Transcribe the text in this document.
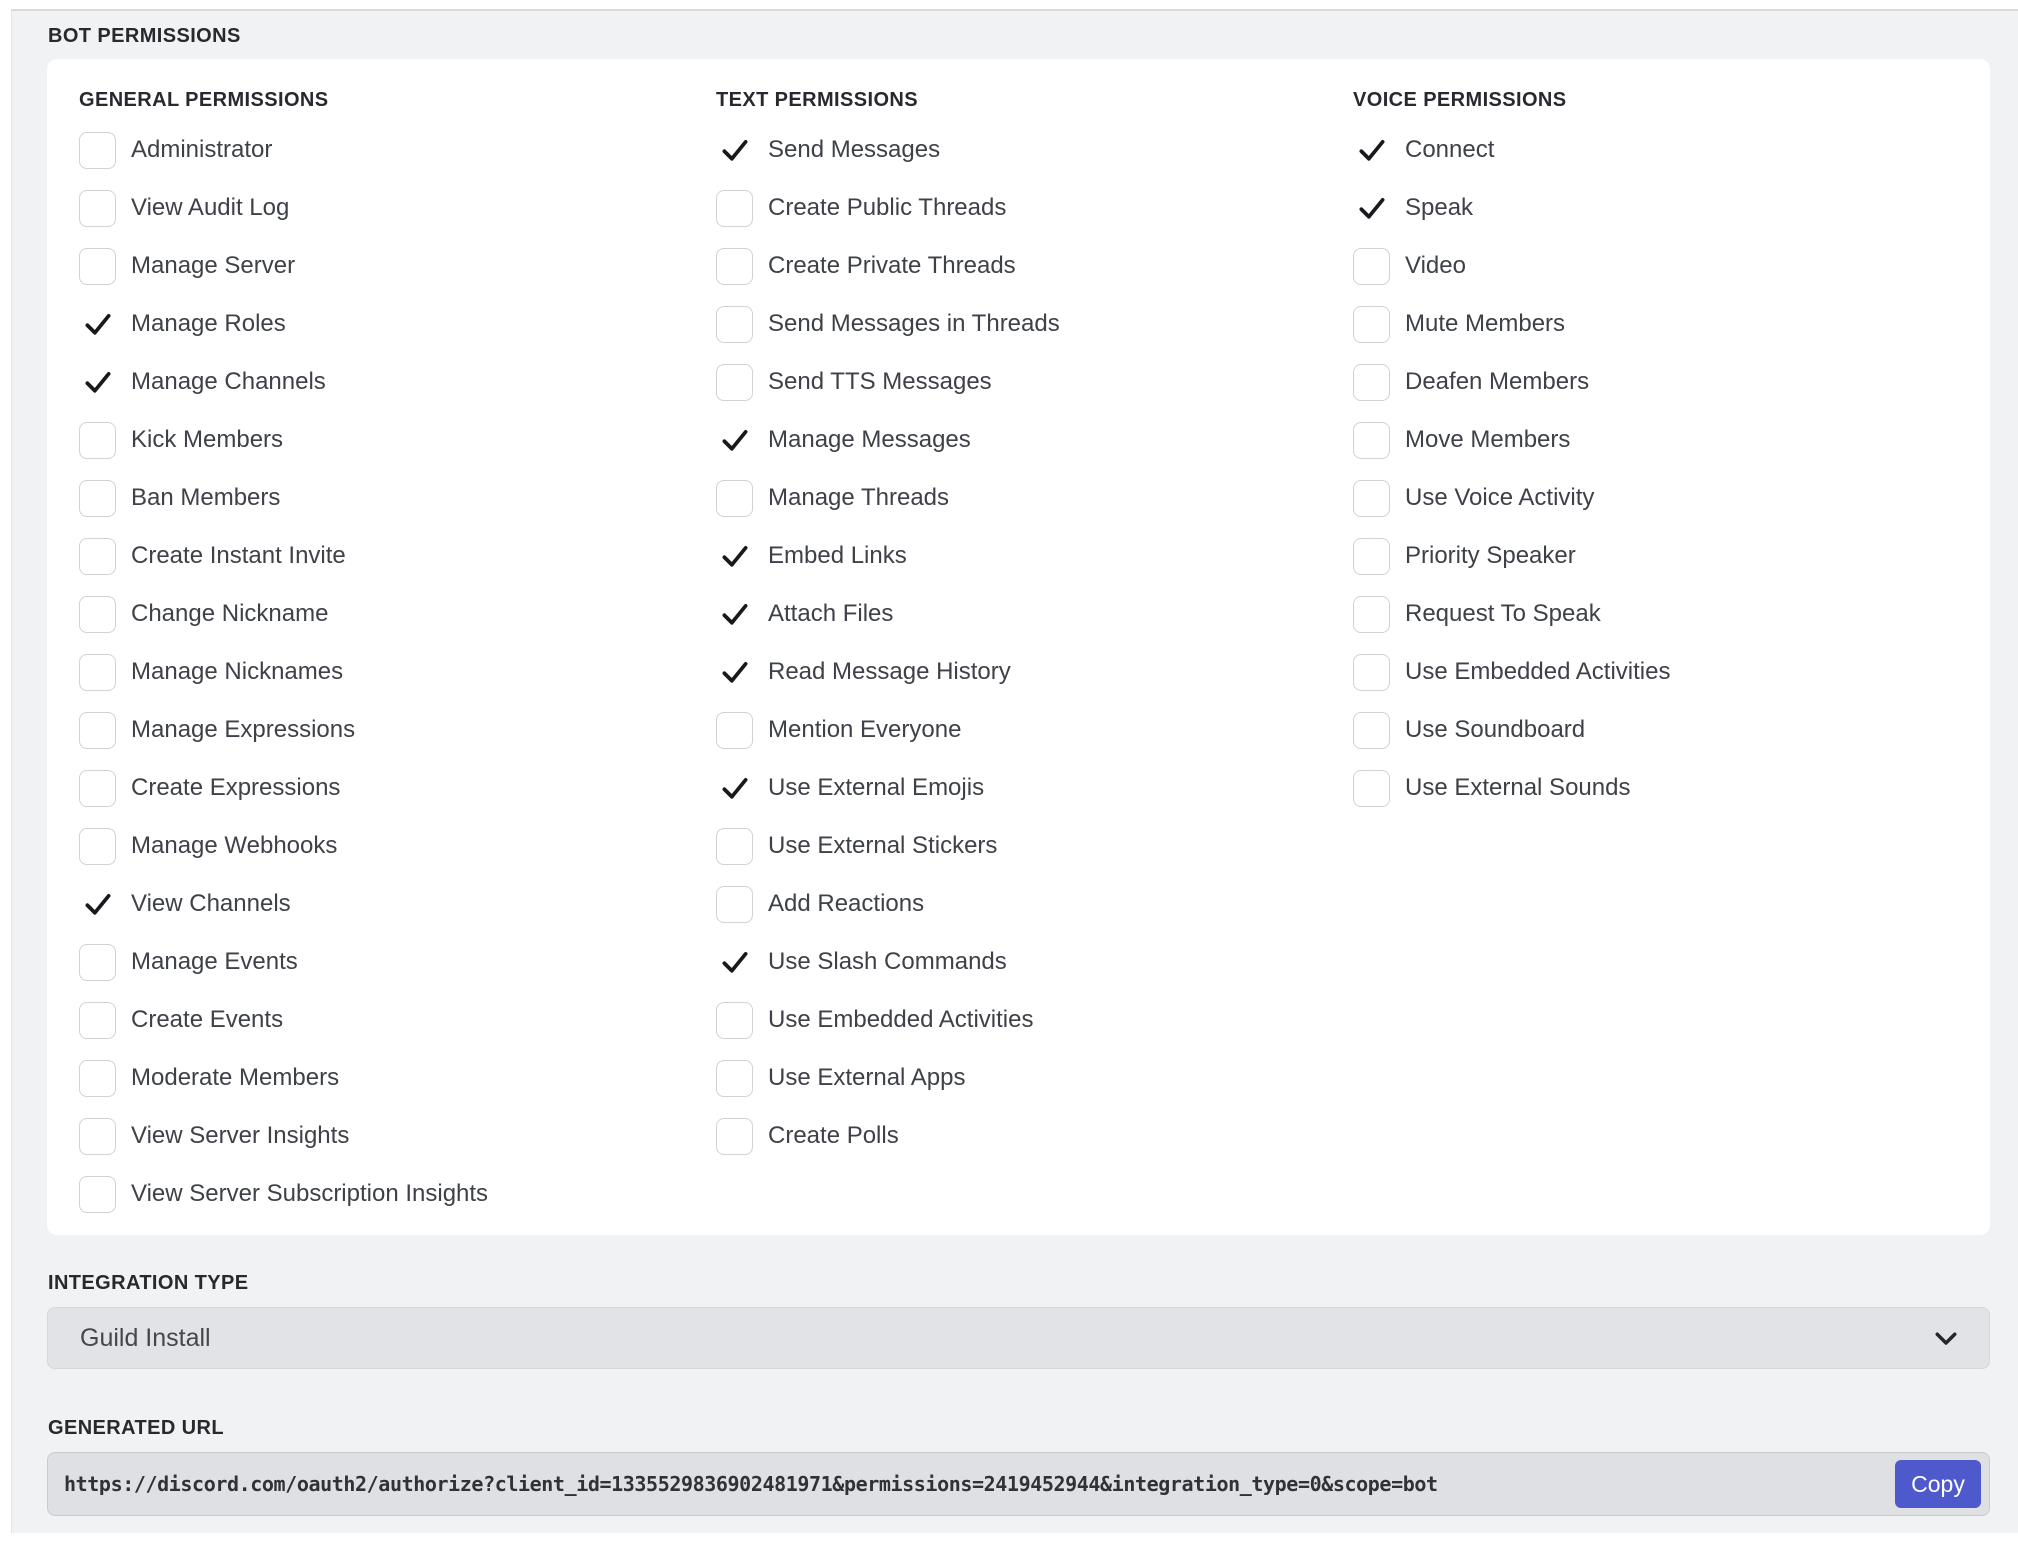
BOT PERMISSIONS
GENERAL PERMISSIONS
Administrator
View Audit Log
Manage Server
Manage Roles
Manage Channels
Kick Members
Ban Members
Create Instant Invite
Change Nickname
Manage Nicknames
Manage Expressions
Create Expressions
Manage Webhooks
View Channels
Manage Events
Create Events
Moderate Members
View Server Insights
View Server Subscription Insights
TEXT PERMISSIONS
Send Messages
Create Public Threads
Create Private Threads
Send Messages in Threads
Send TTS Messages
Manage Messages
Manage Threads
Embed Links
Attach Files
Read Message History
Mention Everyone
Use External Emojis
Use External Stickers
Add Reactions
Use Slash Commands
Use Embedded Activities
Use External Apps
Create Polls
VOICE PERMISSIONS
Connect
Speak
Video
Mute Members
Deafen Members
Move Members
Use Voice Activity
Priority Speaker
Request To Speak
Use Embedded Activities
Use Soundboard
Use External Sounds
INTEGRATION TYPE
Guild Install
GENERATED URL
https://discord.com/oauth2/authorize?client_id=1335529836902481971&permissions=2419452944&integration_type=0&scope=bot	Copy
